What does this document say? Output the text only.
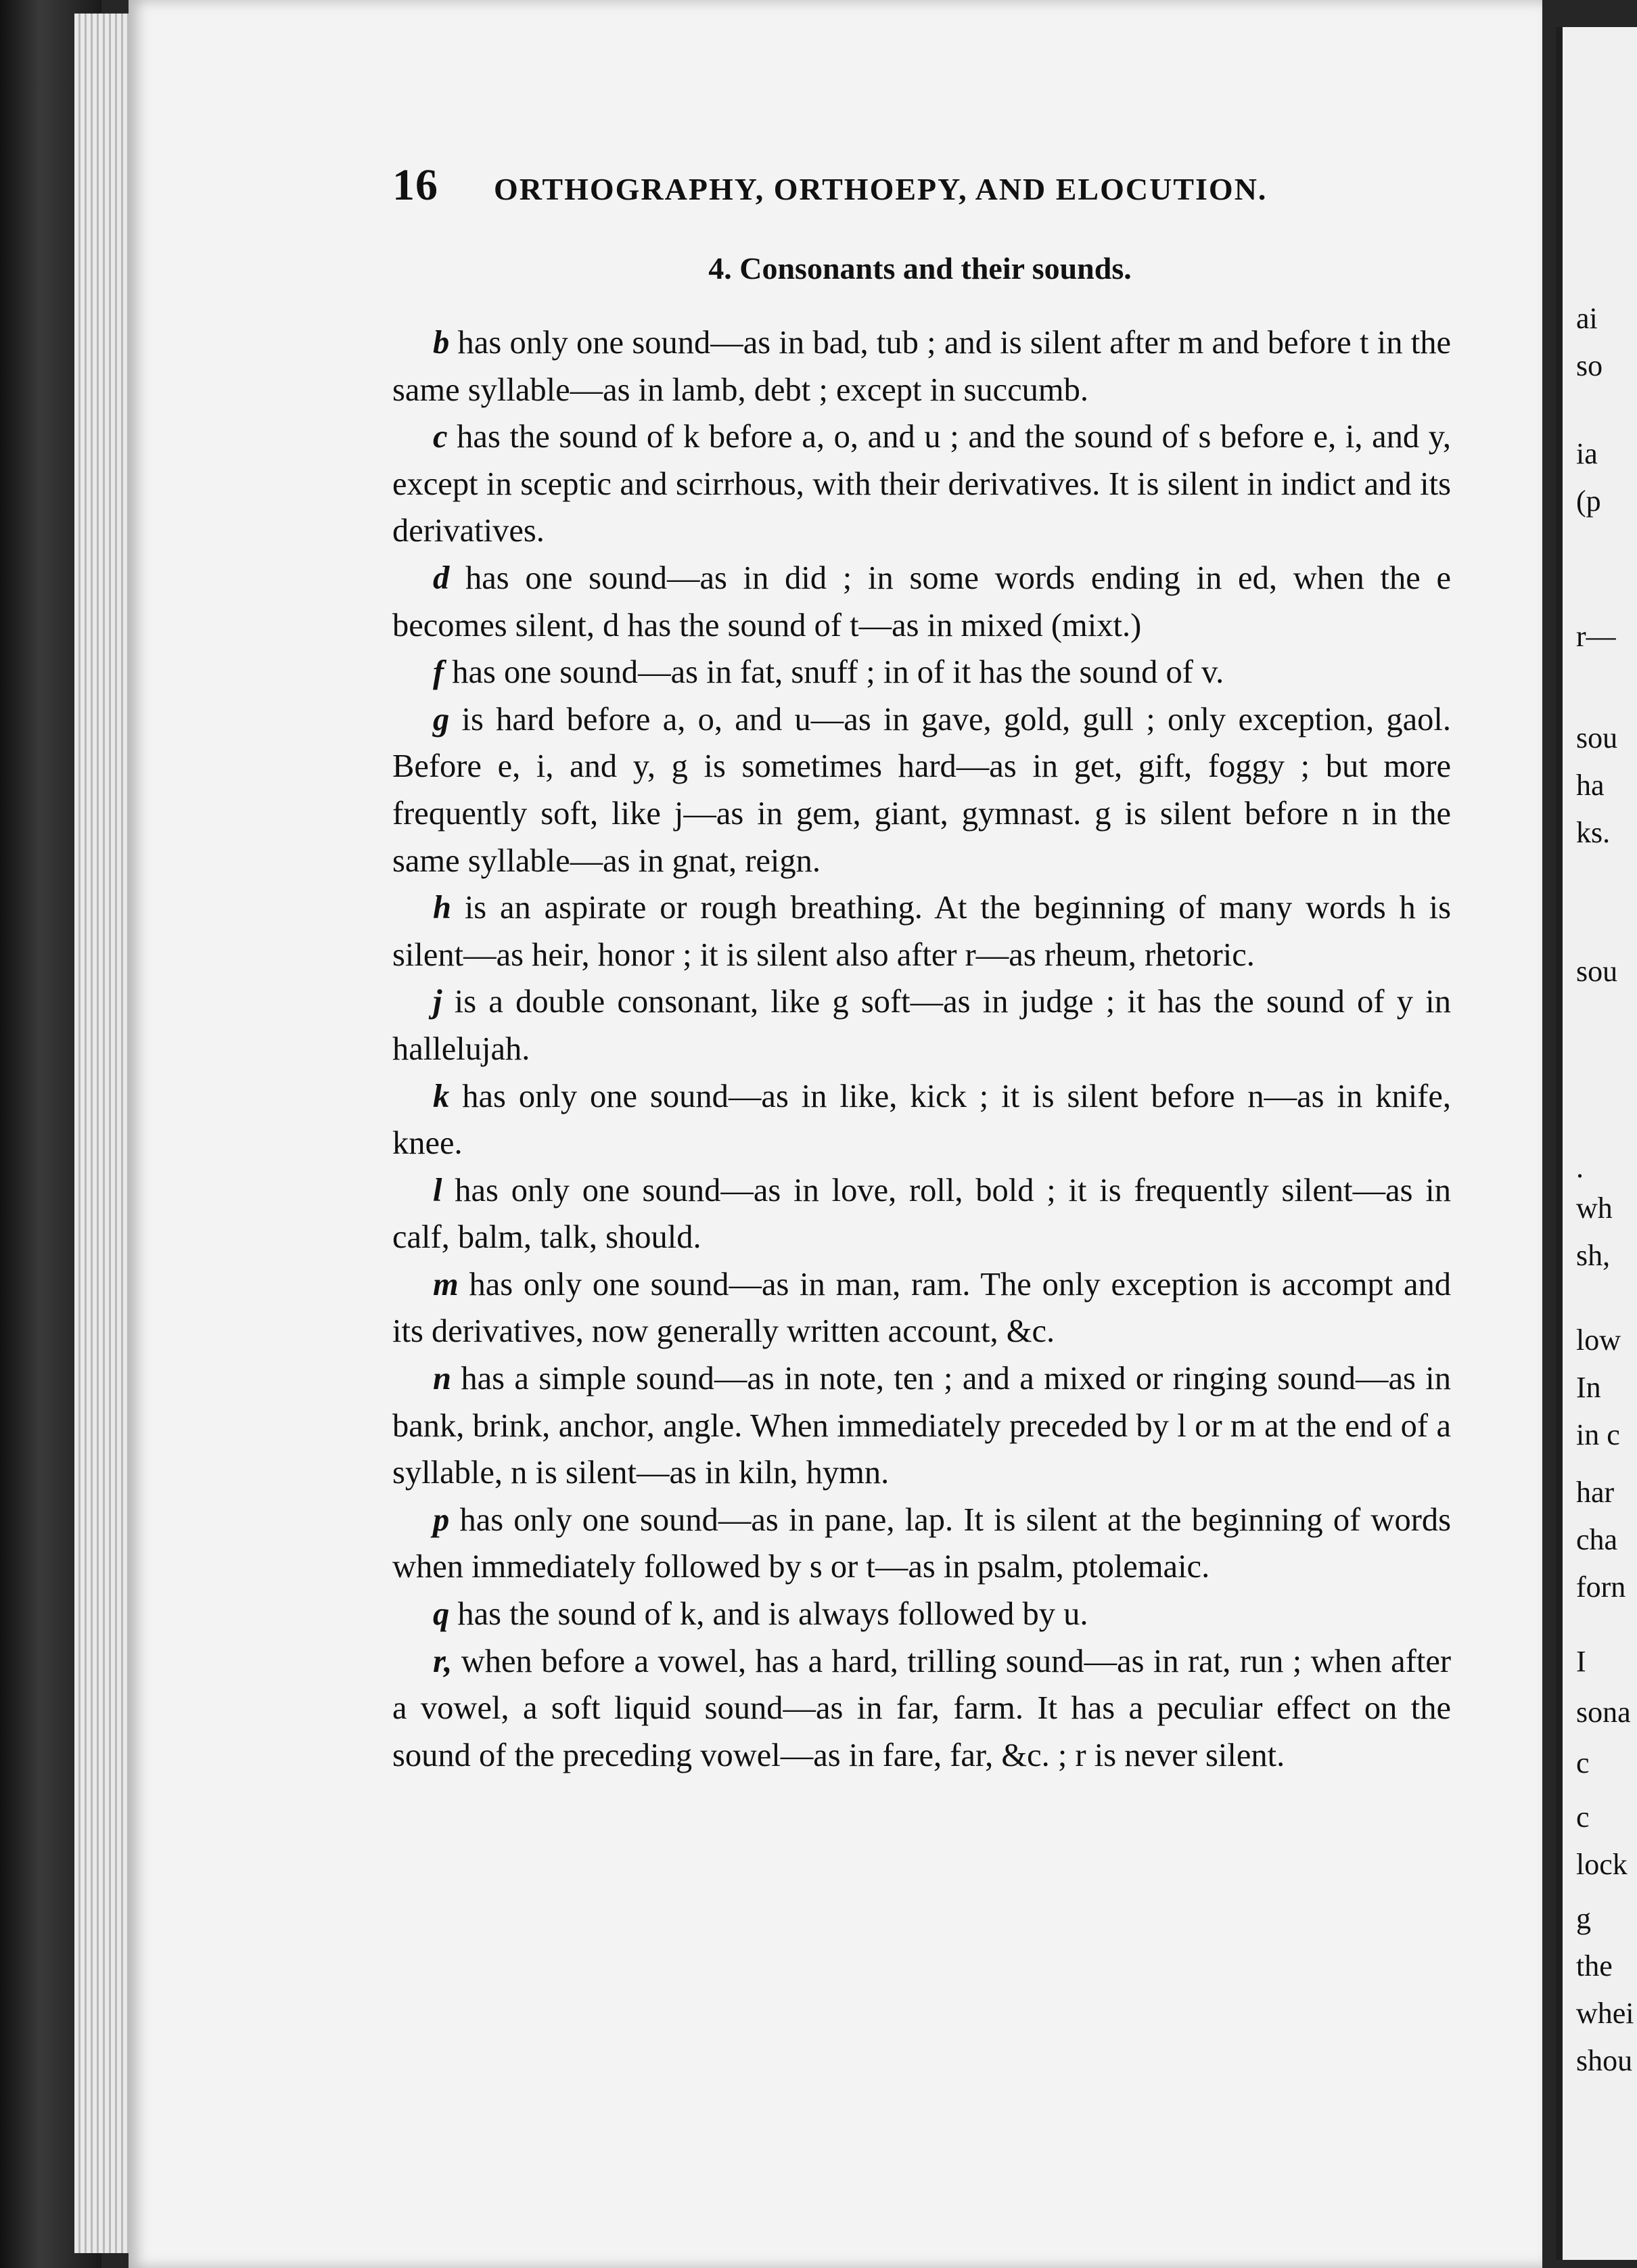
16	ORTHOGRAPHY, ORTHOEPY, AND ELOCUTION.
4. Consonants and their sounds.

b has only one sound—as in bad, tub ; and is silent after m and before t in the same syllable—as in lamb, debt ; except in succumb.

c has the sound of k before a, o, and u ; and the sound of s before e, i, and y, except in sceptic and scirrhous, with their derivatives. It is silent in indict and its derivatives.

d has one sound—as in did ; in some words ending in ed, when the e becomes silent, d has the sound of t—as in mixed (mixt.)

f has one sound—as in fat, snuff ; in of it has the sound of v.

g is hard before a, o, and u—as in gave, gold, gull ; only exception, gaol. Before e, i, and y, g is sometimes hard—as in get, gift, foggy ; but more frequently soft, like j—as in gem, giant, gymnast. g is silent before n in the same syllable—as in gnat, reign.

h is an aspirate or rough breathing. At the beginning of many words h is silent—as heir, honor ; it is silent also after r—as rheum, rhetoric.

j is a double consonant, like g soft—as in judge ; it has the sound of y in hallelujah.

k has only one sound—as in like, kick ; it is silent before n—as in knife, knee.

l has only one sound—as in love, roll, bold ; it is frequently silent—as in calf, balm, talk, should.

m has only one sound—as in man, ram. The only exception is accompt and its derivatives, now generally written account, &c.

n has a simple sound—as in note, ten ; and a mixed or ringing sound—as in bank, brink, anchor, angle. When immediately preceded by l or m at the end of a syllable, n is silent—as in kiln, hymn.

p has only one sound—as in pane, lap. It is silent at the beginning of words when immediately followed by s or t—as in psalm, ptolemaic.

q has the sound of k, and is always followed by u.

r, when before a vowel, has a hard, trilling sound—as in rat, run ; when after a vowel, a soft liquid sound—as in far, farm. It has a peculiar effect on the sound of the preceding vowel—as in fare, far, &c. ; r is never silent.

ai
so
ia
(p
r—
sou
ha
ks.
sou
.
wh
sh,
low
In
in c
har
cha
forn
I
sona
c
c
lock
g
the
whei
shou
